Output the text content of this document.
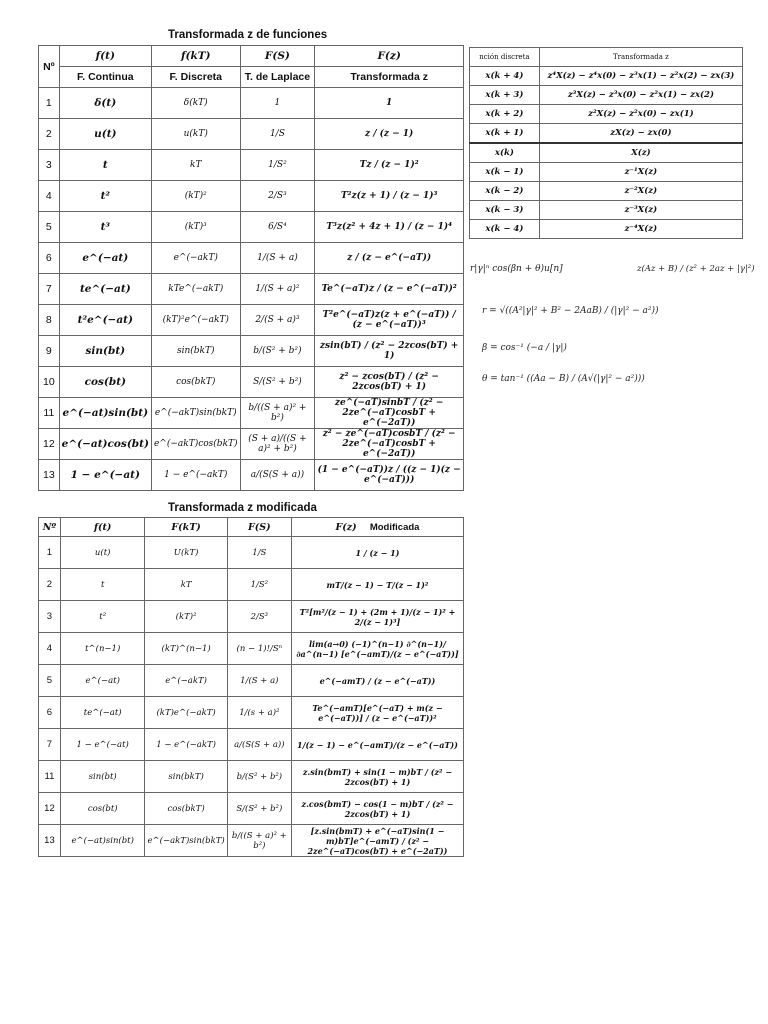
Transformada z de funciones
Nº	f(t)	f(kT)	F(S)	F(z)
	F. Continua	F. Discreta	T. de Laplace	Transformada z
1	δ(t)	δ(kT)	1	1
2	u(t)	u(kT)	1/S	z / (z − 1)
3	t	kT	1/S²	Tz / (z − 1)²
4	t²	(kT)²	2/S³	T²z(z + 1) / (z − 1)³
5	t³	(kT)³	6/S⁴	T³z(z² + 4z + 1) / (z − 1)⁴
6	e^(−at)	e^(−akT)	1/(S + a)	z / (z − e^(−aT))
7	te^(−at)	kTe^(−akT)	1/(S + a)²	Te^(−aT)z / (z − e^(−aT))²
8	t²e^(−at)	(kT)²e^(−akT)	2/(S + a)³	T²e^(−aT)z(z + e^(−aT)) / (z − e^(−aT))³
9	sin(bt)	sin(bkT)	b/(S² + b²)	zsin(bT) / (z² − 2zcos(bT) + 1)
10	cos(bt)	cos(bkT)	S/(S² + b²)	z² − zcos(bT) / (z² − 2zcos(bT) + 1)
11	e^(−at)sin(bt)	e^(−akT)sin(bkT)	b/((S + a)² + b²)	ze^(−aT)sinbT / (z² − 2ze^(−aT)cosbT + e^(−2aT))
12	e^(−at)cos(bt)	e^(−akT)cos(bkT)	(S + a)/((S + a)² + b²)	z² − ze^(−aT)cosbT / (z² − 2ze^(−aT)cosbT + e^(−2aT))
13	1 − e^(−at)	1 − e^(−akT)	a/(S(S + a))	(1 − e^(−aT))z / ((z − 1)(z − e^(−aT)))
Transformada z modificada
Nº	f(t)	F(kT)	F(S)	F(z) Modificada
1	u(t)	U(kT)	1/S	1 / (z − 1)
2	t	kT	1/S²	mT/(z − 1) − T/(z − 1)²
3	t²	(kT)²	2/S³	T²[m²/(z − 1) + (2m + 1)/(z − 1)² + 2/(z − 1)³]
4	t^(n−1)	(kT)^(n−1)	(n − 1)!/Sⁿ	lim(a→0) (−1)^(n−1) ∂^(n−1)/∂a^(n−1) [e^(−amT)/(z − e^(−aT))]
5	e^(−at)	e^(−akT)	1/(S + a)	e^(−amT) / (z − e^(−aT))
6	te^(−at)	(kT)e^(−akT)	1/(s + a)²	Te^(−amT)[e^(−aT) + m(z − e^(−aT))] / (z − e^(−aT))²
7	1 − e^(−at)	1 − e^(−akT)	a/(S(S + a))	1/(z − 1) − e^(−amT)/(z − e^(−aT))
11	sin(bt)	sin(bkT)	b/(S² + b²)	z.sin(bmT) + sin(1 − m)bT / (z² − 2zcos(bT) + 1)
12	cos(bt)	cos(bkT)	S/(S² + b²)	z.cos(bmT) − cos(1 − m)bT / (z² − 2zcos(bT) + 1)
13	e^(−at)sin(bt)	e^(−akT)sin(bkT)	b/((S + a)² + b²)	[z.sin(bmT) + e^(−aT)sin(1 − m)bT]e^(−amT) / (z² − 2ze^(−aT)cos(bT) + e^(−2aT))
nción discreta	Transformada z
x(k + 4)	z⁴X(z) − z⁴x(0) − z³x(1) − z²x(2) − zx(3)
x(k + 3)	z³X(z) − z³x(0) − z²x(1) − zx(2)
x(k + 2)	z²X(z) − z²x(0) − zx(1)
x(k + 1)	zX(z) − zx(0)
x(k)	X(z)
x(k − 1)	z⁻¹X(z)
x(k − 2)	z⁻²X(z)
x(k − 3)	z⁻³X(z)
x(k − 4)	z⁻⁴X(z)
r|γ|ⁿ cos(βn + θ)u[n]	z(Az + B) / (z² + 2az + |γ|²)
r = √((A²|γ|² + B² − 2AaB) / (|γ|² − a²))
β = cos⁻¹ (−a / |γ|)
θ = tan⁻¹ ((Aa − B) / (A√(|γ|² − a²)))
